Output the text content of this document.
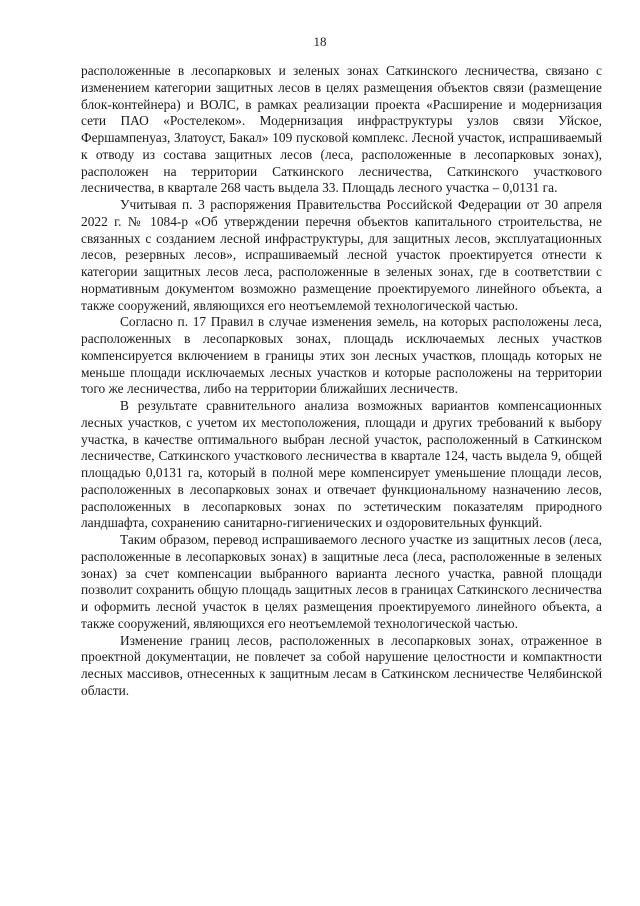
18

расположенные в лесопарковых и зеленых зонах Саткинского лесничества, связано с изменением категории защитных лесов в целях размещения объектов связи (размещение блок-контейнера) и ВОЛС, в рамках реализации проекта «Расширение и модернизация сети ПАО «Ростелеком». Модернизация инфраструктуры узлов связи Уйское, Фершампенуаз, Златоуст, Бакал» 109 пусковой комплекс. Лесной участок, испрашиваемый к отводу из состава защитных лесов (леса, расположенные в лесопарковых зонах), расположен на территории Саткинского лесничества, Саткинского участкового лесничества, в квартале 268 часть выдела 33. Площадь лесного участка – 0,0131 га.

Учитывая п. 3 распоряжения Правительства Российской Федерации от 30 апреля 2022 г. № 1084-р «Об утверждении перечня объектов капитального строительства, не связанных с созданием лесной инфраструктуры, для защитных лесов, эксплуатационных лесов, резервных лесов», испрашиваемый лесной участок проектируется отнести к категории защитных лесов леса, расположенные в зеленых зонах, где в соответствии с нормативным документом возможно размещение проектируемого линейного объекта, а также сооружений, являющихся его неотъемлемой технологической частью.

Согласно п. 17 Правил в случае изменения земель, на которых расположены леса, расположенных в лесопарковых зонах, площадь исключаемых лесных участков компенсируется включением в границы этих зон лесных участков, площадь которых не меньше площади исключаемых лесных участков и которые расположены на территории того же лесничества, либо на территории ближайших лесничеств.

В результате сравнительного анализа возможных вариантов компенсационных лесных участков, с учетом их местоположения, площади и других требований к выбору участка, в качестве оптимального выбран лесной участок, расположенный в Саткинском лесничестве, Саткинского участкового лесничества в квартале 124, часть выдела 9, общей площадью 0,0131 га, который в полной мере компенсирует уменьшение площади лесов, расположенных в лесопарковых зонах и отвечает функциональному назначению лесов, расположенных в лесопарковых зонах по эстетическим показателям природного ландшафта, сохранению санитарно-гигиенических и оздоровительных функций.

Таким образом, перевод испрашиваемого лесного участке из защитных лесов (леса, расположенные в лесопарковых зонах) в защитные леса (леса, расположенные в зеленых зонах) за счет компенсации выбранного варианта лесного участка, равной площади позволит сохранить общую площадь защитных лесов в границах Саткинского лесничества и оформить лесной участок в целях размещения проектируемого линейного объекта, а также сооружений, являющихся его неотъемлемой технологической частью.

Изменение границ лесов, расположенных в лесопарковых зонах, отраженное в проектной документации, не повлечет за собой нарушение целостности и компактности лесных массивов, отнесенных к защитным лесам в Саткинском лесничестве Челябинской области.
